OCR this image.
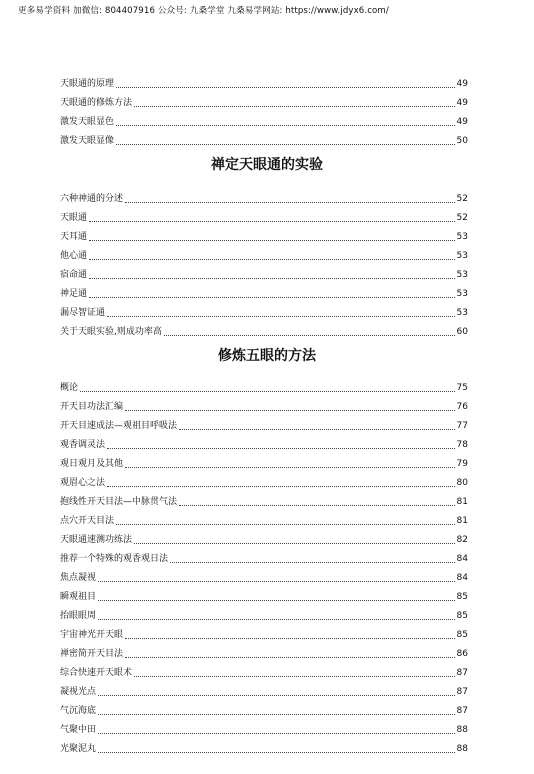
更多易学资料 加微信: 804407916 公众号: 九桑学堂 九桑易学网站: https://www.jdyx6.com/
天眼通的原理	49
天眼通的修炼方法	49
激发天眼显色	49
激发天眼显像	50
禅定天眼通的实验
六种神通的分述	52
天眼通	52
天耳通	53
他心通	53
宿命通	53
神足通	53
漏尽智证通	53
关于天眼实验,则成功率高	60
修炼五眼的方法
概论	75
开天目功法汇编	76
开天目速成法—观祖目呼吸法	77
观香调灵法	78
观日观月及其他	79
观眉心之法	80
抱线性开天目法—中脉贯气法	81
点穴开天目法	81
天眼通速测功练法	82
推荐一个特殊的观香观日法	84
焦点凝视	84
瞬观祖目	85
抬眼眼周	85
宇宙神光开天眼	85
禅密简开天目法	86
综合快速开天眼术	87
凝视光点	87
气沉海底	87
气聚中田	88
光聚泥丸	88
